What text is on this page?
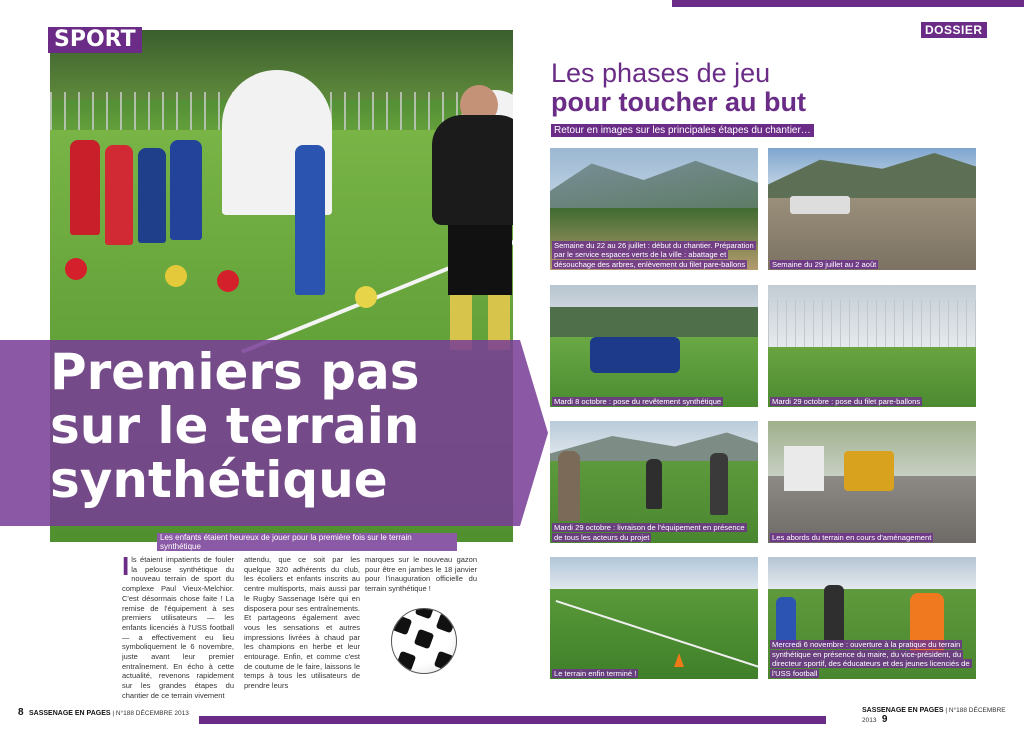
Premiers pas
sur le terrain
synthétique
Les enfants étaient heureux de jouer pour la première fois sur le terrain synthétique
SPORT
Ils étaient impatients de fouler la pelouse synthétique du nouveau terrain de sport du complexe Paul Vieux-Melchior. C'est désormais chose faite ! La remise de l'équipement à ses premiers utilisateurs — les enfants licenciés à l'USS football — a effectivement eu lieu symboliquement le 6 novembre, juste avant leur premier entraînement. En écho à cette actualité, revenons rapidement sur les grandes étapes du chantier de ce terrain vivement
attendu, que ce soit par les quelque 320 adhérents du club, les écoliers et enfants inscrits au centre multisports, mais aussi par le Rugby Sassenage Isère qui en disposera pour ses entraînements. Et partageons également avec vous les sensations et autres impressions livrées à chaud par les champions en herbe et leur entourage. Enfin, et comme c'est de coutume de le faire, laissons le temps à tous les utilisateurs de prendre leurs
marques sur le nouveau gazon pour être en jambes le 18 janvier pour l'inauguration officielle du terrain synthétique !
8 SASSENAGE EN PAGES | N°188 DÉCEMBRE 2013
DOSSIER
Les phases de jeu
pour toucher au but
Retour en images sur les principales étapes du chantier…
Semaine du 22 au 26 juillet : début du chantier. Préparation par le service espaces verts de la ville : abattage et désouchage des arbres, enlèvement du filet pare-ballons	Semaine du 29 juillet au 2 août
Mardi 8 octobre : pose du revêtement synthétique	Mardi 29 octobre : pose du filet pare-ballons
Mardi 29 octobre : livraison de l'équipement en présence de tous les acteurs du projet	Les abords du terrain en cours d'aménagement
Le terrain enfin terminé !
Mercredi 6 novembre : ouverture à la pratique du terrain synthétique en présence du maire, du vice-président, du directeur sportif, des éducateurs et des jeunes licenciés de l'USS football
SASSENAGE EN PAGES | N°188 DÉCEMBRE 2013 9
